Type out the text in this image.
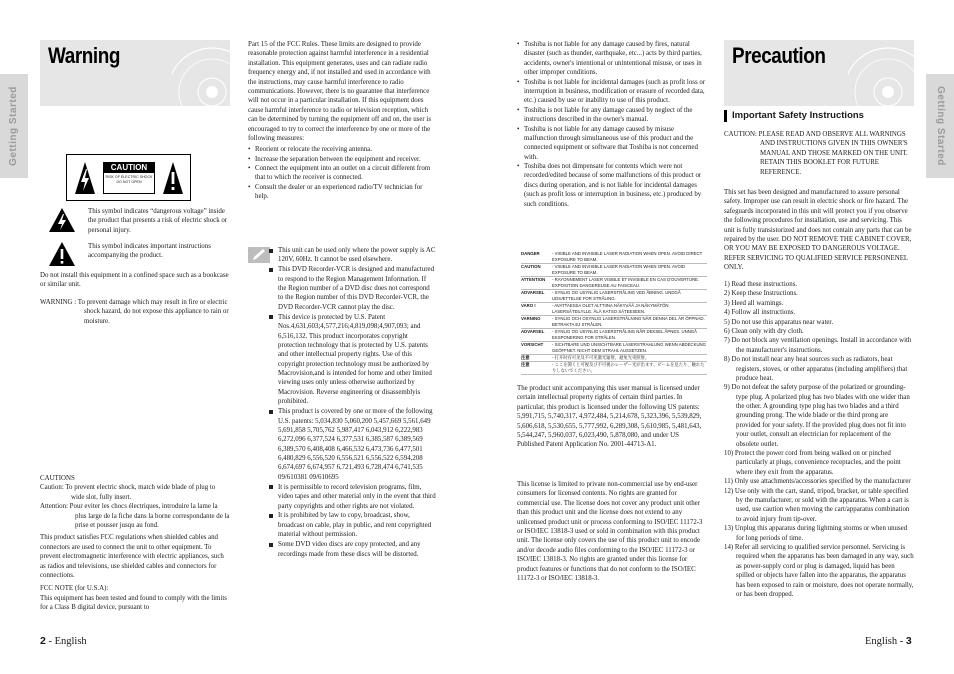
Getting Started
Warning
CAUTION
RISK OF ELECTRIC SHOCK
DO NOT OPEN
This symbol indicates “dangerous voltage” inside the product that presents a risk of electric shock or personal injury.
This symbol indicates important instructions accompanying the product.
Do not install this equipment in a confined space such as a bookcase or similar unit.
WARNING : To prevent damage which may result in fire or electric shock hazard, do not expose this appliance to rain or moisture.
CAUTIONS
Caution: To prevent electric shock, match wide blade of plug to wide slot, fully insert.
Attention: Pour eviter les chocs électriques, introduire la lame la plus large de la fiche dans la borne correspondante de la prise et pousser jusqu au fond.
This product satisfies FCC regulations when shielded cables and connectors are used to connect the unit to other equipment. To prevent electromagnetic interference with electric appliances, such as radios and televisions, use shielded cables and connectors for connections.
FCC NOTE (for U.S.A):
This equipment has been tested and found to comply with the limits for a Class B digital device, pursuant to

Part 15 of the FCC Rules. These limits are designed to provide reasonable protection against harmful interference in a residential installation. This equipment generates, uses and can radiate radio frequency energy and, if not installed and used in accordance with the instructions, may cause harmful interference to radio communications. However, there is no guarantee that interference will not occur in a particular installation. If this equipment does cause harmful interference to radio or television reception, which can be determined by turning the equipment off and on, the user is encouraged to try to correct the interference by one or more of the following measures:

• Reorient or relocate the receiving antenna.
• Increase the separation between the equipment and receiver.
• Connect the equipment into an outlet on a circuit different from that to which the receiver is connected.
• Consult the dealer or an experienced radio/TV technician for help.
This unit can be used only where the power supply is AC 120V, 60Hz. It cannot be used elsewhere.
This DVD Recorder-VCR is designed and manufactured to respond to the Region Management Information. If the Region number of a DVD disc does not correspond to the Region number of this DVD Recorder-VCR, the DVD Recorder-VCR cannot play the disc.
This device is protected by U.S. Patent Nos.4,631,603;4,577,216;4,819,098;4,907,093; and 6,516,132. This product incorporates copyright protection technology that is protected by U.S. patents and other intellectual property rights. Use of this copyright protection technology must be authorized by Macrovision,and is intended for home and other limited viewing uses only unless otherwise authorized by Macrovision. Reverse engineering or disassemblyis prohibited.
This product is covered by one or more of the following U.S. patents: 5,034,830 5,060,200 5,457,669 5,561,649 5,691,858 5,705,762 5,987,417 6,043,912 6,222,983 6,272,096 6,377,524 6,377,531 6,385,587 6,389,569 6,389,570 6,408,408 6,466,532 6,473,736 6,477,501 6,480,829 6,556,520 6,556,521 6,556,522 6,594,208 6,674,697 6,674,957 6,721,493 6,728,474 6,741,535 09/610381 09/610695
It is permissible to record television programs, film, video tapes and other material only in the event that third party copyrights and other rights are not violated.
It is prohibited by law to copy, broadcast, show, broadcast on cable, play in public, and rent copyrighted material without permission.
Some DVD video discs are copy protected, and any recordings made from these discs will be distorted.
2 - English
• Toshiba is not liable for any damage caused by fires, natural disaster (such as thunder, earthquake, etc...) acts by third parties, accidents, owner's intentional or unintentional misuse, or uses in other improper conditions.
• Toshiba is not liable for incidental damages (such as profit loss or interruption in business, modification or erasure of recorded data, etc.) caused by use or inability to use of this product.
• Toshiba is not liable for any damage caused by neglect of the instructions described in the owner's manual.
• Toshiba is not liable for any damage caused by misuse malfunction through simultaneous use of this product and the connected equipment or software that Toshiba is not concerned with.
• Toshiba does not dimpensate for contents which were not recorded/edited because of some malfunctions of this product or discs during operation, and is not liable for incidental damages (such as profit loss or interruption in business, etc.) produced by such conditions.
DANGER	- VISIBLE AND INVISIBLE LASER RADIATION WHEN OPEN. AVOID DIRECT EXPOSURE TO BEAM.
CAUTION	- VISIBLE AND INVISIBLE LASER RADIATION WHEN OPEN. AVOID EXPOSURE TO BEAM.
ATTENTION	- RAYONNEMENT LASER VISIBLE ET INVISIBLE EN CAS D'OUVERTURE. EXPOSITION DANGEREUSE AU FAISCEAU.
ADVARSEL	- SYNLIG OG USYNLIG LASERSTRÅLING VED ÅBNING. UNDGÅ UDSÆTTELSE FOR STRÅLING.
VARO !	- AVATTAESSA OLET ALTTIINA NÄKYVÄÄ JA NÄKYMÄTÖN LASERSÄTEILYLLE. ÄLÄ KATSO SÄTEESEEN.
VARNING	- SYNLIG OCH OSYNLIG LASERSTRÅLNING NÄR DENNA DEL ÄR ÖPPNAD. BETRAKTA EJ STRÅLEN.
ADVARSEL	- SYNLIG OG USYNLIG LASERSTRÅLING NÅR DEKSEL ÅPNES. UNNGÅ EKSPONERING FOR STRÅLEN.
VORSICHT	- SICHTBARE UND UNSICHTBARE LASERSTRAHLUNG WENN ABDECKUNG GEÖFFNET. NICHT DEM STRAHL AUSSETZEN.
注意	- 打开时有可见及不可见激光辐射。避免光束照射。
注意	- ここを開くと可視及び不可視のレーザー光が出ます。ビームを見たり、触れたりしないでください。
The product unit accompanying this user manual is licensed under certain intellectual property rights of certain third parties. In particular, this product is licensed under the following US patents: 5,991,715, 5,740,317, 4,972,484, 5,214,678, 5,323,396, 5,539,829, 5,606,618, 5,530,655, 5,777,992, 6,289,308, 5,610,985, 5,481,643, 5,544,247, 5,960,037, 6,023,490, 5,878,080, and under US Published Patent Application No. 2001-44713-A1.
This license is limited to private non-commercial use by end-user consumers for licensed contents. No rights are granted for commercial use. The license does not cover any product unit other than this product unit and the license does not extend to any unlicensed product unit or process conforming to ISO/IEC 11172-3 or ISO/IEC 13818-3 used or sold in combination with this product unit. The license only covers the use of this product unit to encode and/or decode audio files conforming to the ISO/IEC 11172-3 or ISO/IEC 13818-3. No rights are granted under this license for product features or functions that do not conform to the ISO/IEC 11172-3 or ISO/IEC 13818-3.
Precaution
Getting Started
Important Safety Instructions
CAUTION: PLEASE READ AND OBSERVE ALL WARNINGS AND INSTRUCTIONS GIVEN IN THIS OWNER'S MANUAL AND THOSE MARKED ON THE UNIT. RETAIN THIS BOOKLET FOR FUTURE REFERENCE.
This set has been designed and manufactured to assure personal safety. Improper use can result in electric shock or fire hazard. The safeguards incorporated in this unit will protect you if you observe the following procedures for installation, use and servicing. This unit is fully transistorized and does not contain any parts that can be repaired by the user. DO NOT REMOVE THE CABINET COVER, OR YOU MAY BE EXPOSED TO DANGEROUS VOLTAGE. REFER SERVICING TO QUALIFIED SERVICE PERSONENEL ONLY.
1) Read these instructions.
2) Keep these Instructions.
3) Heed all warnings.
4) Follow all instructions.
5) Do not use this apparatus near water.
6) Clean only with dry cloth.
7) Do not block any ventilation openings. Install in accordance with the manufacturer's instructions.
8) Do not install near any heat sources such as radiators, heat registers, stoves, or other apparatus (including amplifiers) that produce heat.
9) Do not defeat the safety purpose of the polarized or grounding-type plug. A polarized plug has two blades with one wider than the other. A grounding type plug has two blades and a third grounding prong. The wide blade or the third prong are provided for your safety. If the provided plug does not fit into your outlet, consult an electrician for replacement of the obsolete outlet.
10) Protect the power cord from being walked on or pinched particularly at plugs, convenience receptacles, and the point where they exit from the apparatus.
11) Only use attachments/accessories specified by the manufacturer
12) Use only with the cart, stand, tripod, bracket, or table specified by the manufacturer, or sold with the apparatus. When a cart is used, use caution when moving the cart/apparatus combination to avoid injury from tip-over.
13) Unplug this apparatus during lightning storms or when unused for long periods of time.
14) Refer all servicing to qualified service personnel. Servicing is required when the apparatus has been damaged in any way, such as power-supply cord or plug is damaged, liquid has been spilled or objects have fallen into the apparatus, the apparatus has been exposed to rain or moisture, does not operate normally, or has been dropped.
English - 3
